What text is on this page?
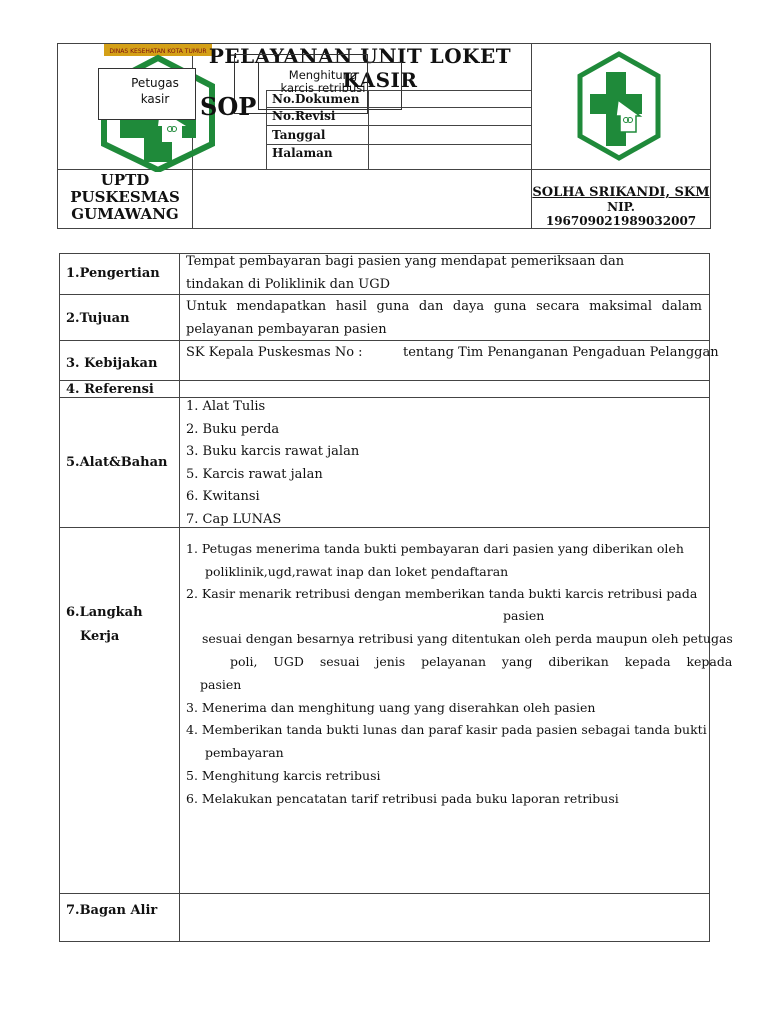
DINAS KESEHATAN KOTA TUMUR
Petugas kasir
PELAYANAN UNIT LOKET
KASIR
Menghitung karcis retribusi
SOP No.Dokumen
No.Revisi
Tanggal
Halaman
UPTD
PUSKESMAS
GUMAWANG
SOLHA SRIKANDI, SKM
NIP. 196709021989032007
1.Pengertian
Tempat pembayaran bagi pasien yang mendapat pemeriksaan dan tindakan di Poliklinik dan UGD
2.Tujuan
Untuk mendapatkan hasil guna dan daya guna secara maksimal dalam pelayanan pembayaran pasien
3. Kebijakan
SK Kepala Puskesmas No :	tentang Tim Penanganan Pengaduan Pelanggan
4. Referensi
5.Alat&Bahan
1. Alat Tulis
2. Buku perda
3. Buku karcis rawat jalan
5. Karcis rawat jalan
6. Kwitansi
7. Cap LUNAS
6.Langkah
Kerja
1. Petugas menerima tanda bukti pembayaran dari pasien yang diberikan oleh
poliklinik,ugd,rawat inap dan loket pendaftaran
2. Kasir menarik retribusi dengan memberikan tanda bukti karcis retribusi pada
pasien
sesuai dengan besarnya retribusi yang ditentukan oleh perda maupun oleh petugas
poli,    UGD    sesuai    jenis    pelayanan    yang    diberikan    kepada    kepada
pasien
3. Menerima dan menghitung uang yang diserahkan oleh pasien
4. Memberikan tanda bukti lunas dan paraf kasir pada pasien sebagai tanda bukti
pembayaran
5. Menghitung karcis retribusi
6. Melakukan pencatatan tarif retribusi pada buku laporan retribusi
7.Bagan Alir
